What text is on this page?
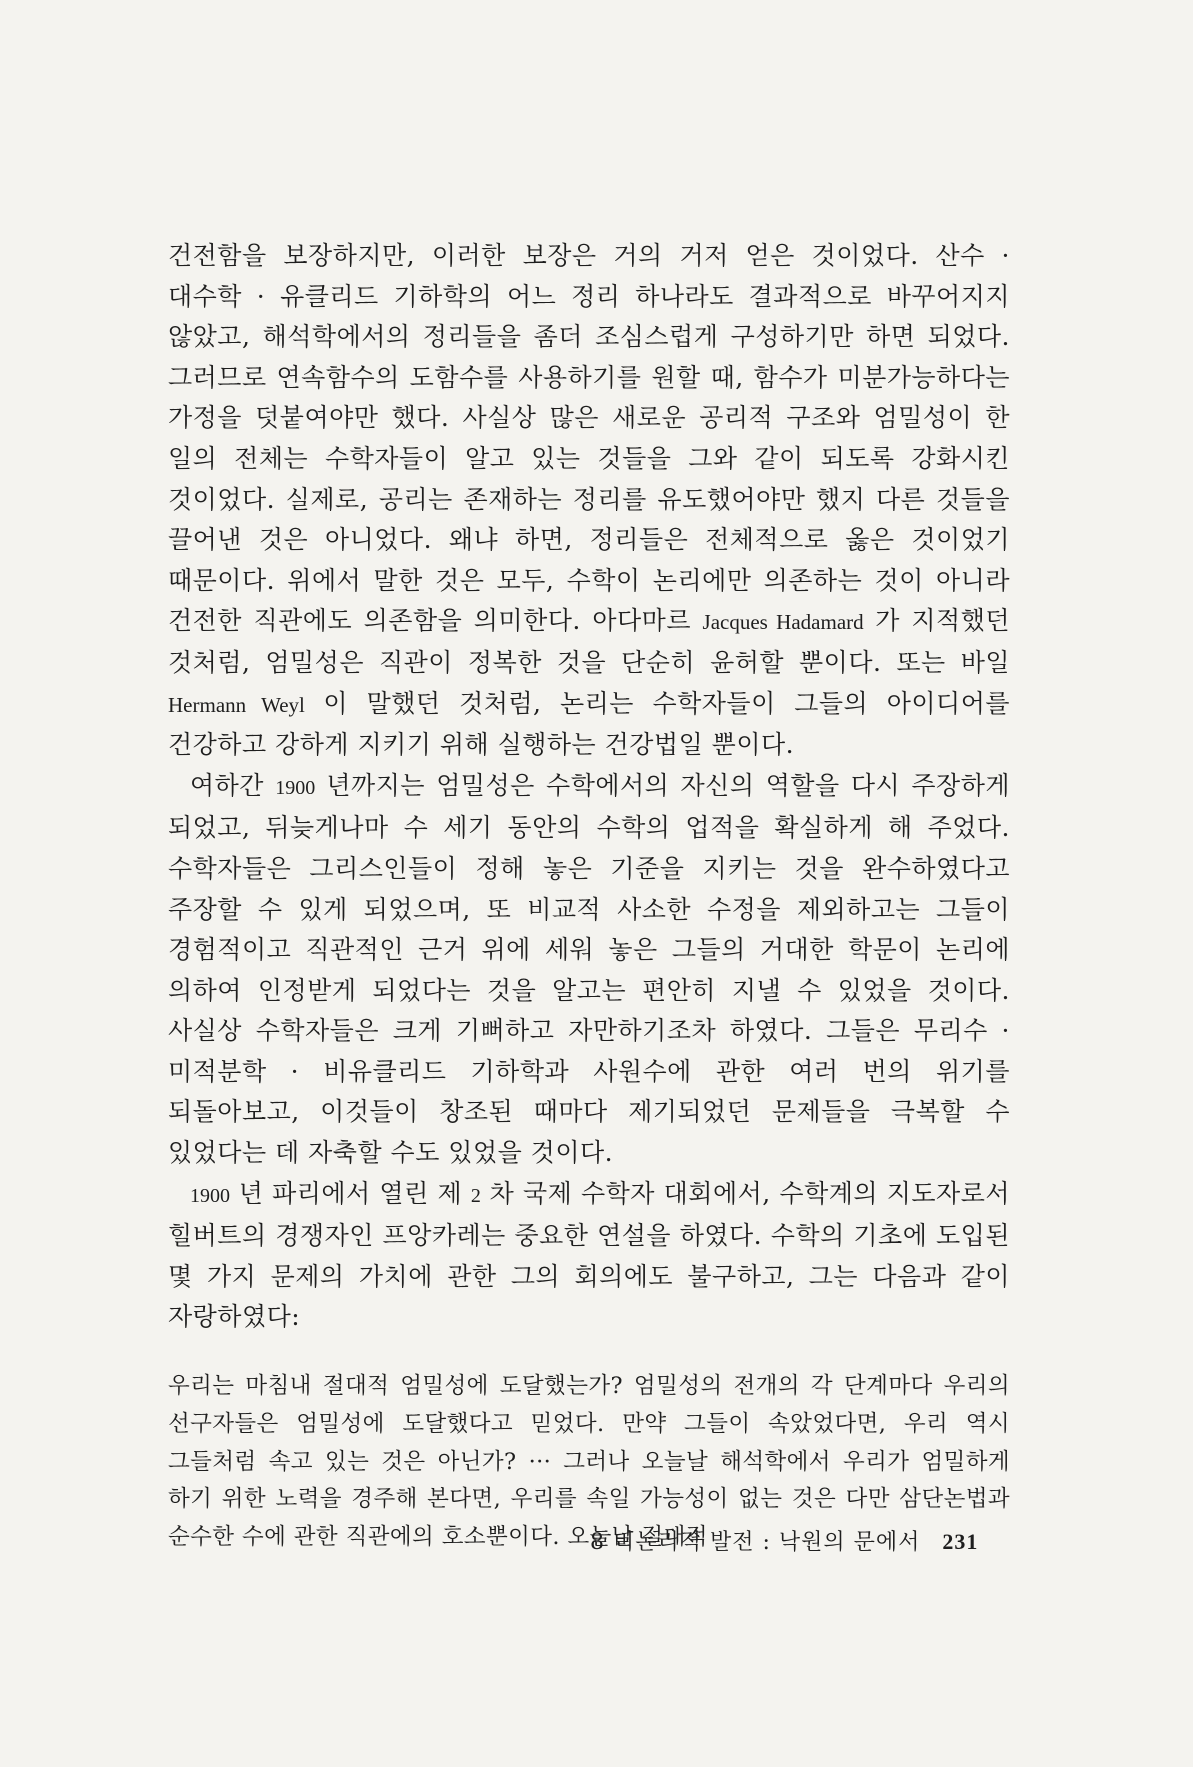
건전함을 보장하지만, 이러한 보장은 거의 거저 얻은 것이었다. 산수 · 대수학 · 유클리드 기하학의 어느 정리 하나라도 결과적으로 바꾸어지지 않았고, 해석학에서의 정리들을 좀더 조심스럽게 구성하기만 하면 되었다. 그러므로 연속함수의 도함수를 사용하기를 원할 때, 함수가 미분가능하다는 가정을 덧붙여야만 했다. 사실상 많은 새로운 공리적 구조와 엄밀성이 한 일의 전체는 수학자들이 알고 있는 것들을 그와 같이 되도록 강화시킨 것이었다. 실제로, 공리는 존재하는 정리를 유도했어야만 했지 다른 것들을 끌어낸 것은 아니었다. 왜냐 하면, 정리들은 전체적으로 옳은 것이었기 때문이다. 위에서 말한 것은 모두, 수학이 논리에만 의존하는 것이 아니라 건전한 직관에도 의존함을 의미한다. 아다마르 Jacques Hadamard 가 지적했던 것처럼, 엄밀성은 직관이 정복한 것을 단순히 윤허할 뿐이다. 또는 바일 Hermann Weyl 이 말했던 것처럼, 논리는 수학자들이 그들의 아이디어를 건강하고 강하게 지키기 위해 실행하는 건강법일 뿐이다.

여하간 1900 년까지는 엄밀성은 수학에서의 자신의 역할을 다시 주장하게 되었고, 뒤늦게나마 수 세기 동안의 수학의 업적을 확실하게 해 주었다. 수학자들은 그리스인들이 정해 놓은 기준을 지키는 것을 완수하였다고 주장할 수 있게 되었으며, 또 비교적 사소한 수정을 제외하고는 그들이 경험적이고 직관적인 근거 위에 세워 놓은 그들의 거대한 학문이 논리에 의하여 인정받게 되었다는 것을 알고는 편안히 지낼 수 있었을 것이다. 사실상 수학자들은 크게 기뻐하고 자만하기조차 하였다. 그들은 무리수 · 미적분학 · 비유클리드 기하학과 사원수에 관한 여러 번의 위기를 되돌아보고, 이것들이 창조된 때마다 제기되었던 문제들을 극복할 수 있었다는 데 자축할 수도 있었을 것이다.

1900 년 파리에서 열린 제 2 차 국제 수학자 대회에서, 수학계의 지도자로서 힐버트의 경쟁자인 프앙카레는 중요한 연설을 하였다. 수학의 기초에 도입된 몇 가지 문제의 가치에 관한 그의 회의에도 불구하고, 그는 다음과 같이 자랑하였다:

우리는 마침내 절대적 엄밀성에 도달했는가? 엄밀성의 전개의 각 단계마다 우리의 선구자들은 엄밀성에 도달했다고 믿었다. 만약 그들이 속았었다면, 우리 역시 그들처럼 속고 있는 것은 아닌가? ··· 그러나 오늘날 해석학에서 우리가 엄밀하게 하기 위한 노력을 경주해 본다면, 우리를 속일 가능성이 없는 것은 다만 삼단논법과 순수한 수에 관한 직관에의 호소뿐이다. 오늘날 절대적

8 비논리적 발전 : 낙원의 문에서 231
